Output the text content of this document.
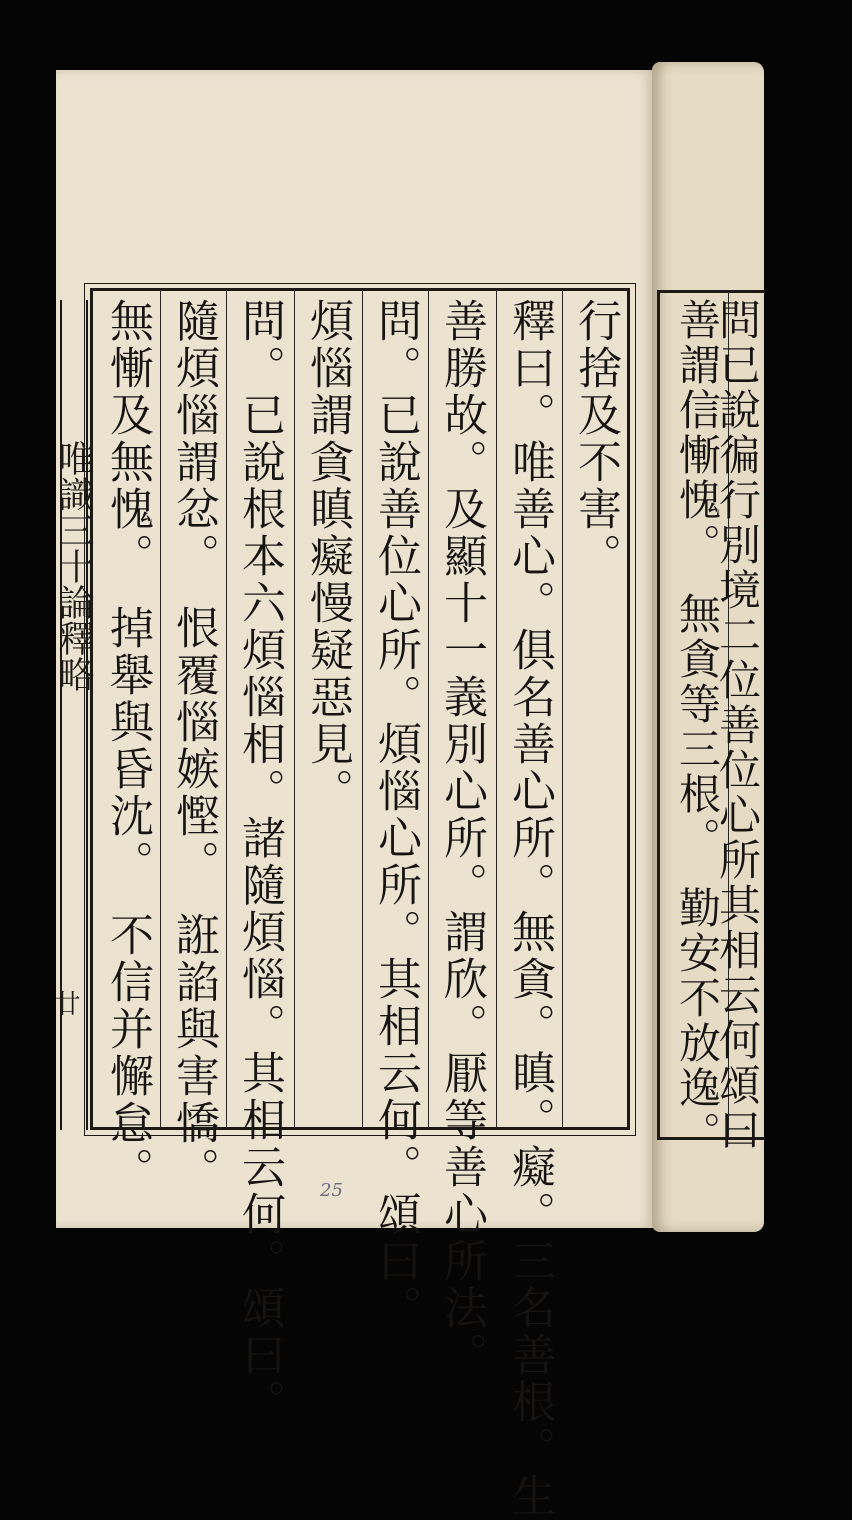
唯識三十論釋略
廿
行捨及不害。
釋曰。唯善心。俱名善心所。無貪。瞋。癡。三名善根。生
善勝故。及顯十一義別心所。謂欣。厭等善心所法。
問。已說善位心所。煩惱心所。其相云何。頌曰。
煩惱謂貪瞋癡慢疑惡見。
問。已說根本六煩惱相。諸隨煩惱。其相云何。頌曰。
隨煩惱謂忿。　恨覆惱嫉慳。　誑諂與害憍。
無慚及無愧。　掉舉與昏沈。　不信并懈怠。	25
問已說徧行別境二位善位心所其相云何頌曰
善謂信慚愧。　無貪等三根。　勤安不放逸。
